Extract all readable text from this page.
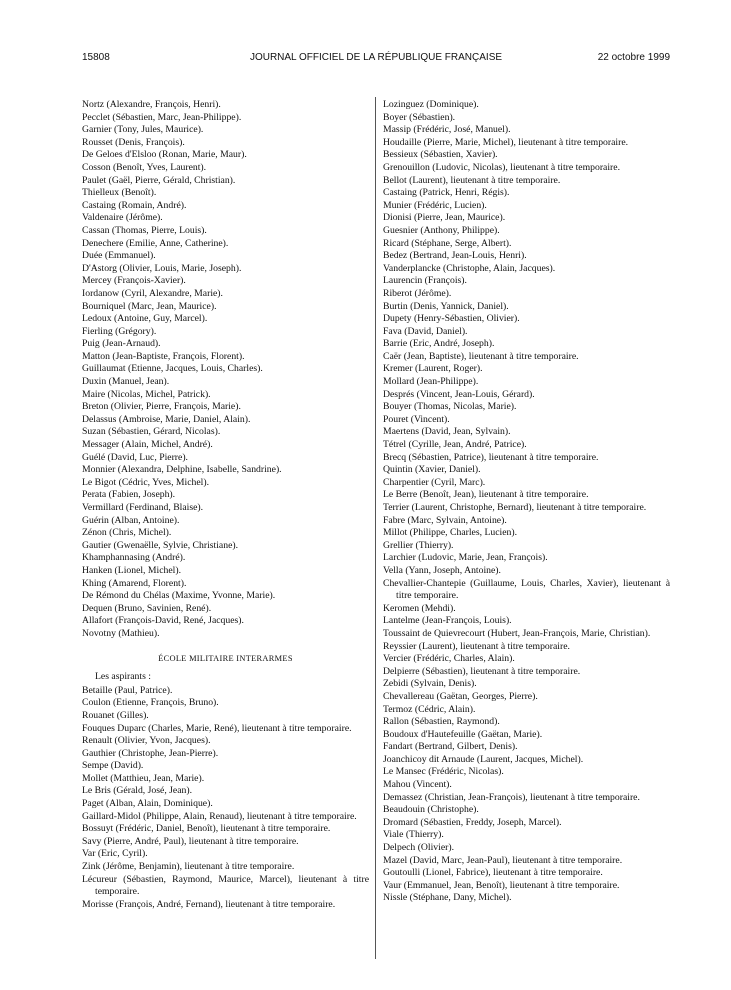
15808	JOURNAL OFFICIEL DE LA RÉPUBLIQUE FRANÇAISE	22 octobre 1999

Nortz (Alexandre, François, Henri).

Pecclet (Sébastien, Marc, Jean-Philippe).

Garnier (Tony, Jules, Maurice).

Rousset (Denis, François).

De Geloes d'Elsloo (Ronan, Marie, Maur).

Cosson (Benoît, Yves, Laurent).

Paulet (Gaël, Pierre, Gérald, Christian).

Thielleux (Benoît).

Castaing (Romain, André).

Valdenaire (Jérôme).

Cassan (Thomas, Pierre, Louis).

Denechere (Emilie, Anne, Catherine).

Duée (Emmanuel).

D'Astorg (Olivier, Louis, Marie, Joseph).

Mercey (François-Xavier).

Iordanow (Cyril, Alexandre, Marie).

Bourniquel (Marc, Jean, Maurice).

Ledoux (Antoine, Guy, Marcel).

Fierling (Grégory).

Puig (Jean-Arnaud).

Matton (Jean-Baptiste, François, Florent).

Guillaumat (Etienne, Jacques, Louis, Charles).

Duxin (Manuel, Jean).

Maire (Nicolas, Michel, Patrick).

Breton (Olivier, Pierre, François, Marie).

Delassus (Ambroise, Marie, Daniel, Alain).

Suzan (Sébastien, Gérard, Nicolas).

Messager (Alain, Michel, André).

Guélé (David, Luc, Pierre).

Monnier (Alexandra, Delphine, Isabelle, Sandrine).

Le Bigot (Cédric, Yves, Michel).

Perata (Fabien, Joseph).

Vermillard (Ferdinand, Blaise).

Guérin (Alban, Antoine).

Zénon (Chris, Michel).

Gautier (Gwenaëlle, Sylvie, Christiane).

Khamphannasing (André).

Hanken (Lionel, Michel).

Khing (Amarend, Florent).

De Rémond du Chélas (Maxime, Yvonne, Marie).

Dequen (Bruno, Savinien, René).

Allafort (François-David, René, Jacques).

Novotny (Mathieu).

ÉCOLE MILITAIRE INTERARMES
Les aspirants :

Betaille (Paul, Patrice).

Coulon (Etienne, François, Bruno).

Rouanet (Gilles).

Fouques Duparc (Charles, Marie, René), lieutenant à titre temporaire.

Renault (Olivier, Yvon, Jacques).

Gauthier (Christophe, Jean-Pierre).

Sempe (David).

Mollet (Matthieu, Jean, Marie).

Le Bris (Gérald, José, Jean).

Paget (Alban, Alain, Dominique).

Gaillard-Midol (Philippe, Alain, Renaud), lieutenant à titre temporaire.

Bossuyt (Frédéric, Daniel, Benoît), lieutenant à titre temporaire.

Savy (Pierre, André, Paul), lieutenant à titre temporaire.

Var (Eric, Cyril).

Zink (Jérôme, Benjamin), lieutenant à titre temporaire.

Lécureur (Sébastien, Raymond, Maurice, Marcel), lieutenant à titre temporaire.

Morisse (François, André, Fernand), lieutenant à titre temporaire.

Lozinguez (Dominique).

Boyer (Sébastien).

Massip (Frédéric, José, Manuel).

Houdaille (Pierre, Marie, Michel), lieutenant à titre temporaire.

Bessieux (Sébastien, Xavier).

Grenouillon (Ludovic, Nicolas), lieutenant à titre temporaire.

Bellot (Laurent), lieutenant à titre temporaire.

Castaing (Patrick, Henri, Régis).

Munier (Frédéric, Lucien).

Dionisi (Pierre, Jean, Maurice).

Guesnier (Anthony, Philippe).

Ricard (Stéphane, Serge, Albert).

Bedez (Bertrand, Jean-Louis, Henri).

Vanderplancke (Christophe, Alain, Jacques).

Laurencin (François).

Riberot (Jérôme).

Burtin (Denis, Yannick, Daniel).

Dupety (Henry-Sébastien, Olivier).

Fava (David, Daniel).

Barrie (Eric, André, Joseph).

Caër (Jean, Baptiste), lieutenant à titre temporaire.

Kremer (Laurent, Roger).

Mollard (Jean-Philippe).

Després (Vincent, Jean-Louis, Gérard).

Bouyer (Thomas, Nicolas, Marie).

Pouret (Vincent).

Maertens (David, Jean, Sylvain).

Tétrel (Cyrille, Jean, André, Patrice).

Brecq (Sébastien, Patrice), lieutenant à titre temporaire.

Quintin (Xavier, Daniel).

Charpentier (Cyril, Marc).

Le Berre (Benoît, Jean), lieutenant à titre temporaire.

Terrier (Laurent, Christophe, Bernard), lieutenant à titre temporaire.

Fabre (Marc, Sylvain, Antoine).

Millot (Philippe, Charles, Lucien).

Grellier (Thierry).

Larchier (Ludovic, Marie, Jean, François).

Vella (Yann, Joseph, Antoine).

Chevallier-Chantepie (Guillaume, Louis, Charles, Xavier), lieutenant à titre temporaire.

Keromen (Mehdi).

Lantelme (Jean-François, Louis).

Toussaint de Quievrecourt (Hubert, Jean-François, Marie, Christian).

Reyssier (Laurent), lieutenant à titre temporaire.

Vercier (Frédéric, Charles, Alain).

Delpierre (Sébastien), lieutenant à titre temporaire.

Zebidi (Sylvain, Denis).

Chevallereau (Gaëtan, Georges, Pierre).

Termoz (Cédric, Alain).

Rallon (Sébastien, Raymond).

Boudoux d'Hautefeuille (Gaëtan, Marie).

Fandart (Bertrand, Gilbert, Denis).

Joanchicoy dit Arnaude (Laurent, Jacques, Michel).

Le Mansec (Frédéric, Nicolas).

Mahou (Vincent).

Demassez (Christian, Jean-François), lieutenant à titre temporaire.

Beaudouin (Christophe).

Dromard (Sébastien, Freddy, Joseph, Marcel).

Viale (Thierry).

Delpech (Olivier).

Mazel (David, Marc, Jean-Paul), lieutenant à titre temporaire.

Goutoulli (Lionel, Fabrice), lieutenant à titre temporaire.

Vaur (Emmanuel, Jean, Benoît), lieutenant à titre temporaire.

Nissle (Stéphane, Dany, Michel).
